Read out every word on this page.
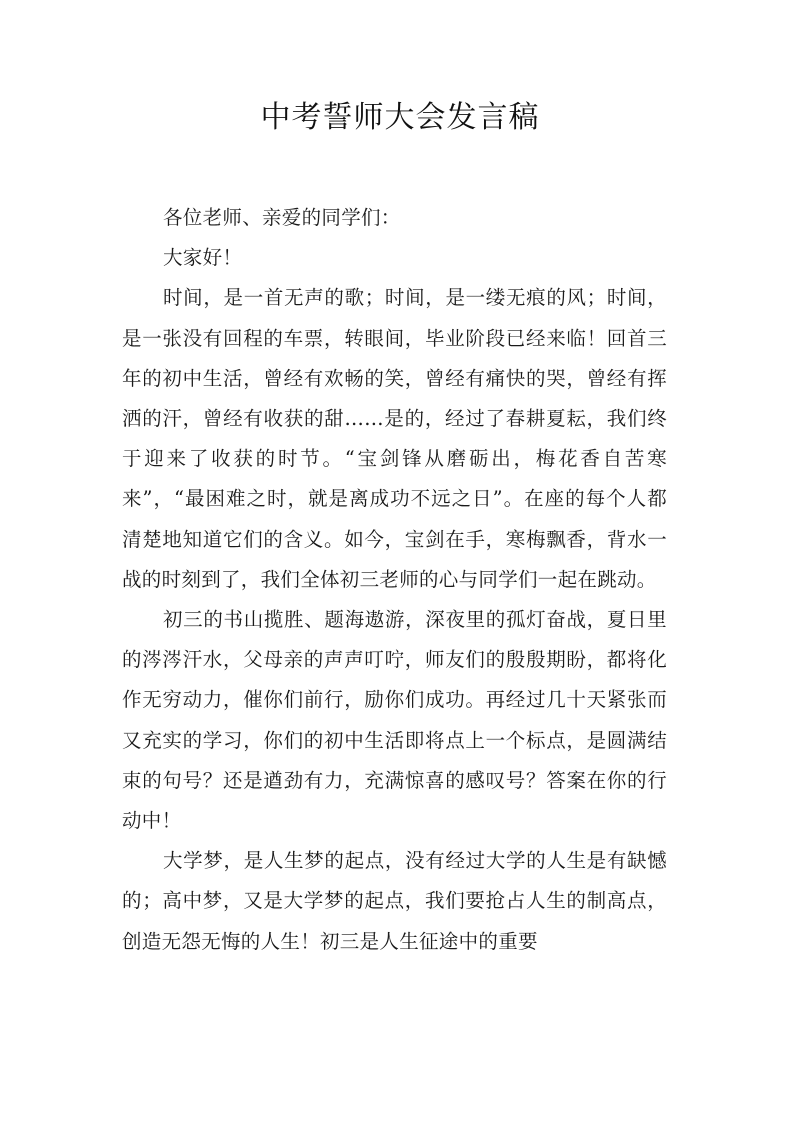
中考誓师大会发言稿

各位老师、亲爱的同学们：

大家好！

时间，是一首无声的歌；时间，是一缕无痕的风；时间，是一张没有回程的车票，转眼间，毕业阶段已经来临！回首三年的初中生活，曾经有欢畅的笑，曾经有痛快的哭，曾经有挥洒的汗，曾经有收获的甜……是的，经过了春耕夏耘，我们终于迎来了收获的时节。“宝剑锋从磨砺出，梅花香自苦寒来”，“最困难之时，就是离成功不远之日”。在座的每个人都清楚地知道它们的含义。如今，宝剑在手，寒梅飘香，背水一战的时刻到了，我们全体初三老师的心与同学们一起在跳动。

初三的书山揽胜、题海遨游，深夜里的孤灯奋战，夏日里的涔涔汗水，父母亲的声声叮咛，师友们的殷殷期盼，都将化作无穷动力，催你们前行，励你们成功。再经过几十天紧张而又充实的学习，你们的初中生活即将点上一个标点，是圆满结束的句号？还是遒劲有力，充满惊喜的感叹号？答案在你的行动中！

大学梦，是人生梦的起点，没有经过大学的人生是有缺憾的；高中梦，又是大学梦的起点，我们要抢占人生的制高点，创造无怨无悔的人生！初三是人生征途中的重要
